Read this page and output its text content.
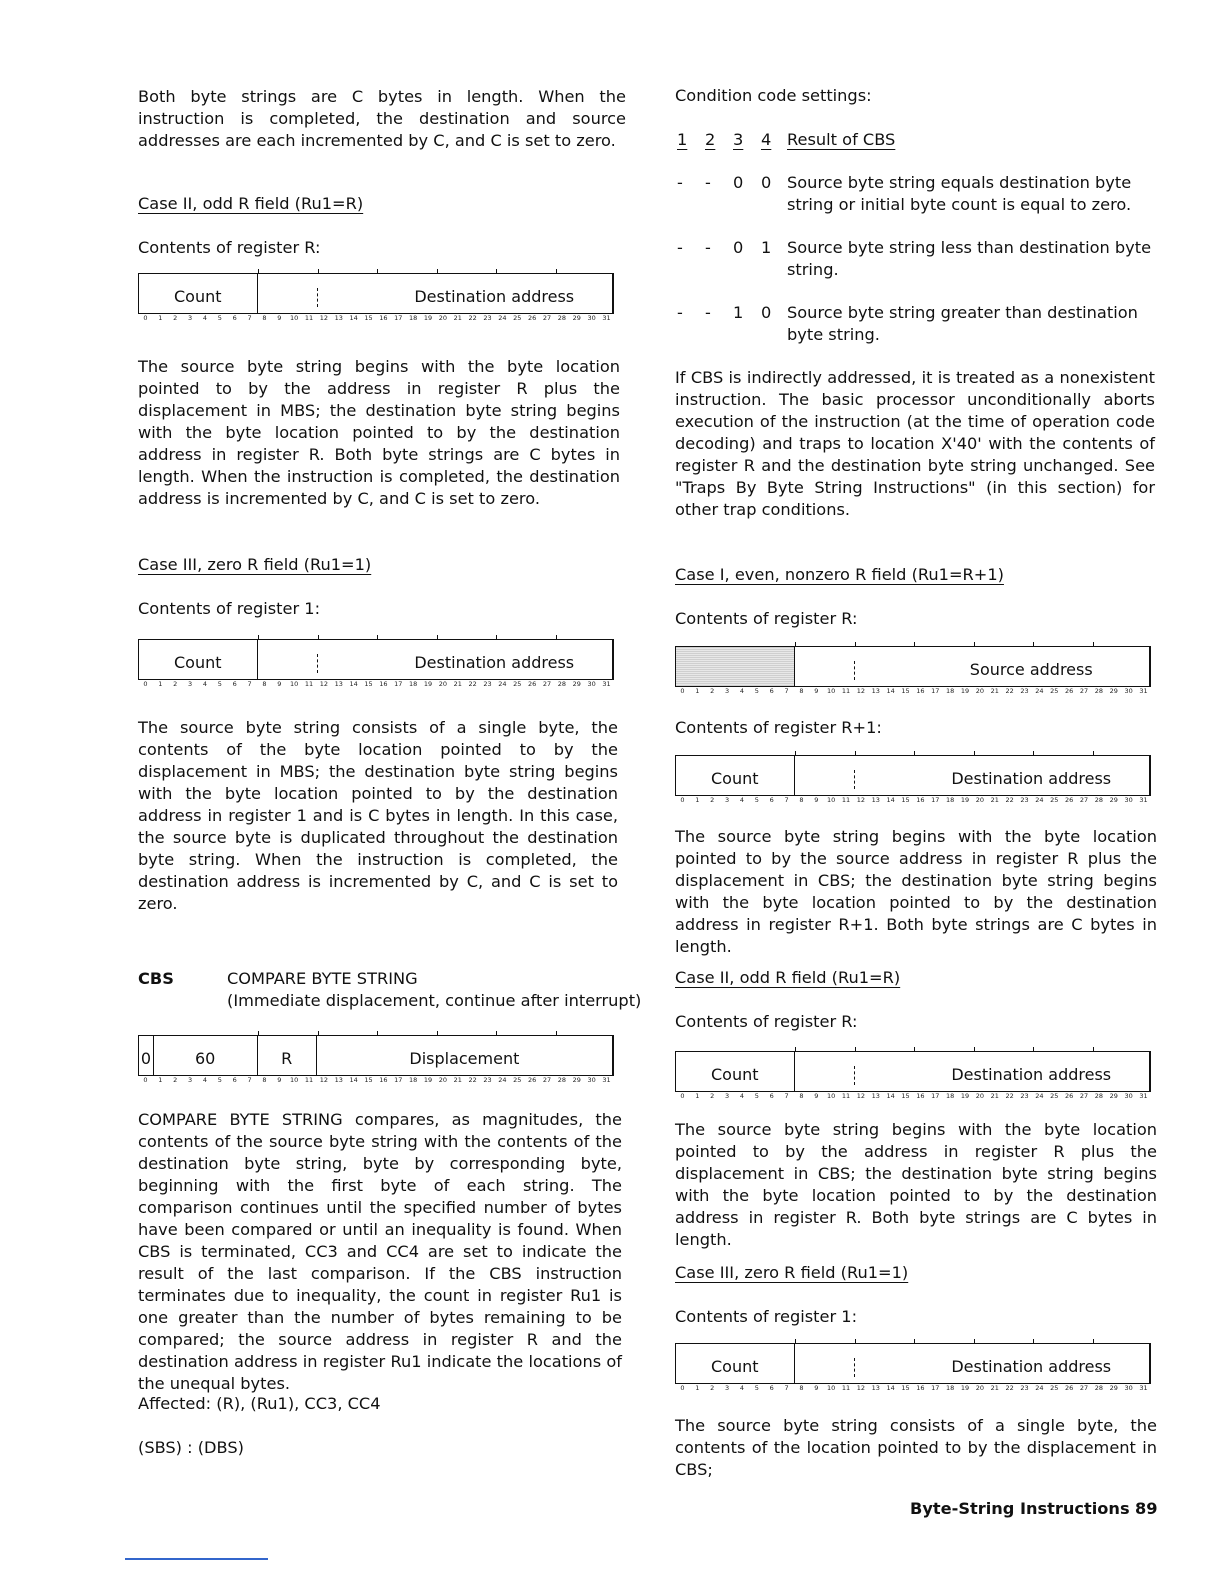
Both byte strings are C bytes in length. When the instruction is completed, the destination and source addresses are each incremented by C, and C is set to zero.

Case II, odd R field (Ru1=R)
Contents of register R:
Count	Destination address
0 1 2 3 4 5 6 7 8 9 10 11 12 13 14 15 16 17 18 19 20 21 22 23 24 25 26 27 28 29 30 31

The source byte string begins with the byte location pointed to by the address in register R plus the displacement in MBS; the destination byte string begins with the byte location pointed to by the destination address in register R. Both byte strings are C bytes in length. When the instruction is completed, the destination address is incremented by C, and C is set to zero.

Case III, zero R field (Ru1=1)
Contents of register 1:
Count	Destination address
0 1 2 3 4 5 6 7 8 9 10 11 12 13 14 15 16 17 18 19 20 21 22 23 24 25 26 27 28 29 30 31

The source byte string consists of a single byte, the contents of the byte location pointed to by the displacement in MBS; the destination byte string begins with the byte location pointed to by the destination address in register 1 and is C bytes in length. In this case, the source byte is duplicated throughout the destination byte string. When the instruction is completed, the destination address is incremented by C, and C is set to zero.

CBS	COMPARE BYTE STRING
(Immediate displacement, continue after interrupt)
0	60	R	Displacement
0 1 2 3 4 5 6 7 8 9 10 11 12 13 14 15 16 17 18 19 20 21 22 23 24 25 26 27 28 29 30 31

COMPARE BYTE STRING compares, as magnitudes, the contents of the source byte string with the contents of the destination byte string, byte by corresponding byte, beginning with the first byte of each string. The comparison continues until the specified number of bytes have been compared or until an inequality is found. When CBS is terminated, CC3 and CC4 are set to indicate the result of the last comparison. If the CBS instruction terminates due to inequality, the count in register Ru1 is one greater than the number of bytes remaining to be compared; the source address in register R and the destination address in register Ru1 indicate the locations of the unequal bytes.

Affected: (R), (Ru1), CC3, CC4
(SBS) : (DBS)
Condition code settings:
1	2	3	4 Result of CBS
-	-	0	0 Source byte string equals destination byte string or initial byte count is equal to zero.
-	-	0	1 Source byte string less than destination byte string.
-	-	1	0 Source byte string greater than destination byte string.

If CBS is indirectly addressed, it is treated as a nonexistent instruction. The basic processor unconditionally aborts execution of the instruction (at the time of operation code decoding) and traps to location X'40' with the contents of register R and the destination byte string unchanged. See "Traps By Byte String Instructions" (in this section) for other trap conditions.

Case I, even, nonzero R field (Ru1=R+1)
Contents of register R:
Source address
0 1 2 3 4 5 6 7 8 9 10 11 12 13 14 15 16 17 18 19 20 21 22 23 24 25 26 27 28 29 30 31
Contents of register R+1:
Count	Destination address
0 1 2 3 4 5 6 7 8 9 10 11 12 13 14 15 16 17 18 19 20 21 22 23 24 25 26 27 28 29 30 31

The source byte string begins with the byte location pointed to by the source address in register R plus the displacement in CBS; the destination byte string begins with the byte location pointed to by the destination address in register R+1. Both byte strings are C bytes in length.

Case II, odd R field (Ru1=R)
Contents of register R:
Count	Destination address
0 1 2 3 4 5 6 7 8 9 10 11 12 13 14 15 16 17 18 19 20 21 22 23 24 25 26 27 28 29 30 31

The source byte string begins with the byte location pointed to by the address in register R plus the displacement in CBS; the destination byte string begins with the byte location pointed to by the destination address in register R. Both byte strings are C bytes in length.

Case III, zero R field (Ru1=1)
Contents of register 1:
Count	Destination address
0 1 2 3 4 5 6 7 8 9 10 11 12 13 14 15 16 17 18 19 20 21 22 23 24 25 26 27 28 29 30 31

The source byte string consists of a single byte, the contents of the location pointed to by the displacement in CBS;

Byte-String Instructions 89
